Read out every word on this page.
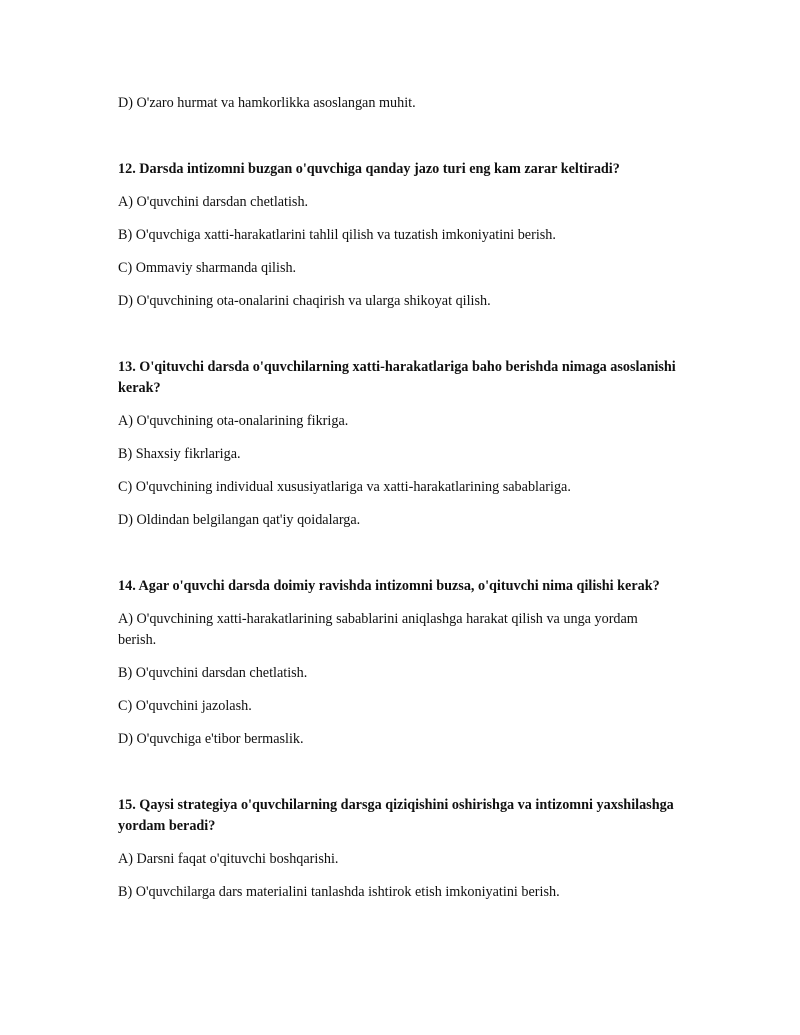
D) O'zaro hurmat va hamkorlikka asoslangan muhit.

12. Darsda intizomni buzgan o'quvchiga qanday jazo turi eng kam zarar keltiradi?

A) O'quvchini darsdan chetlatish.

B) O'quvchiga xatti-harakatlarini tahlil qilish va tuzatish imkoniyatini berish.

C) Ommaviy sharmanda qilish.

D) O'quvchining ota-onalarini chaqirish va ularga shikoyat qilish.

13. O'qituvchi darsda o'quvchilarning xatti-harakatlariga baho berishda nimaga asoslanishi kerak?

A) O'quvchining ota-onalarining fikriga.

B) Shaxsiy fikrlariga.

C) O'quvchining individual xususiyatlariga va xatti-harakatlarining sabablariga.

D) Oldindan belgilangan qat'iy qoidalarga.

14. Agar o'quvchi darsda doimiy ravishda intizomni buzsa, o'qituvchi nima qilishi kerak?

A) O'quvchining xatti-harakatlarining sabablarini aniqlashga harakat qilish va unga yordam berish.

B) O'quvchini darsdan chetlatish.

C) O'quvchini jazolash.

D) O'quvchiga e'tibor bermaslik.

15. Qaysi strategiya o'quvchilarning darsga qiziqishini oshirishga va intizomni yaxshilashga yordam beradi?

A) Darsni faqat o'qituvchi boshqarishi.

B) O'quvchilarga dars materialini tanlashda ishtirok etish imkoniyatini berish.
